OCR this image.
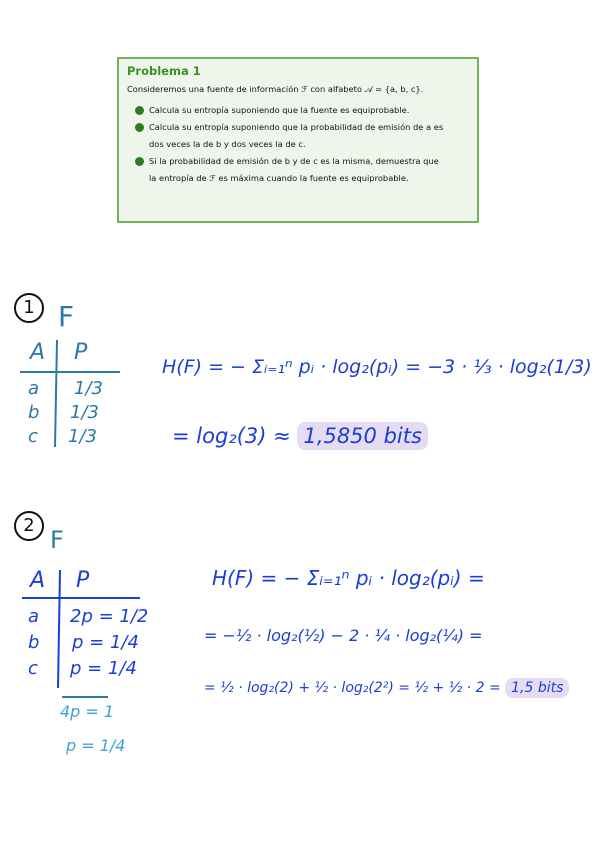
Problema 1
Consideremos una fuente de información ℱ con alfabeto 𝒜 = {a, b, c}.
Calcula su entropía suponiendo que la fuente es equiprobable.
Calcula su entropía suponiendo que la probabilidad de emisión de a es
dos veces la de b y dos veces la de c.
Si la probabilidad de emisión de b y de c es la misma, demuestra que
la entropía de ℱ es máxima cuando la fuente es equiprobable.
1 F
A P
a 1/3
b 1/3
c 1/3
H(F) = − Σᵢ₌₁ⁿ pᵢ · log₂(pᵢ) = −3 · ⅓ · log₂(1/3)
= log₂(3) ≈ 1,5850 bits
2
F
A P
a 2p = 1/2
b p = 1/4
c p = 1/4
4p = 1
p = 1/4
H(F) = − Σᵢ₌₁ⁿ pᵢ · log₂(pᵢ) =
= −½ · log₂(½) − 2 · ¼ · log₂(¼) =
= ½ · log₂(2) + ½ · log₂(2²) = ½ + ½ · 2 = 1,5 bits
